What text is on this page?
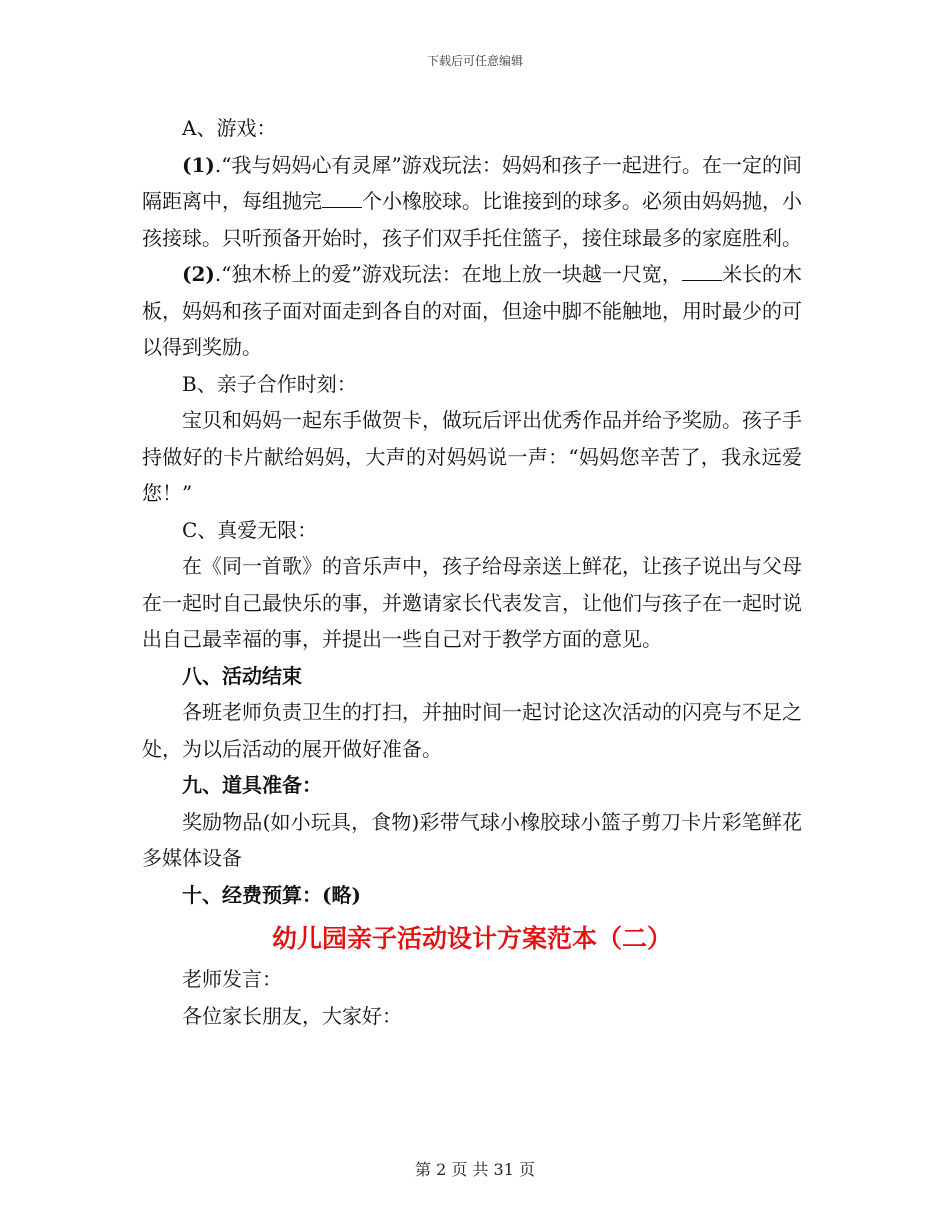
下载后可任意编辑

A、游戏：

(1).“我与妈妈心有灵犀”游戏玩法：妈妈和孩子一起进行。在一定的间隔距离中，每组抛完 个小橡胶球。比谁接到的球多。必须由妈妈抛，小孩接球。只听预备开始时，孩子们双手托住篮子，接住球最多的家庭胜利。

(2).“独木桥上的爱”游戏玩法：在地上放一块越一尺宽， 米长的木板，妈妈和孩子面对面走到各自的对面，但途中脚不能触地，用时最少的可以得到奖励。

B、亲子合作时刻：

宝贝和妈妈一起东手做贺卡，做玩后评出优秀作品并给予奖励。孩子手持做好的卡片献给妈妈，大声的对妈妈说一声：“妈妈您辛苦了，我永远爱您！”

C、真爱无限：

在《同一首歌》的音乐声中，孩子给母亲送上鲜花，让孩子说出与父母在一起时自己最快乐的事，并邀请家长代表发言，让他们与孩子在一起时说出自己最幸福的事，并提出一些自己对于教学方面的意见。

八、活动结束

各班老师负责卫生的打扫，并抽时间一起讨论这次活动的闪亮与不足之处，为以后活动的展开做好准备。

九、道具准备：

奖励物品(如小玩具，食物)彩带气球小橡胶球小篮子剪刀卡片彩笔鲜花多媒体设备

十、经费预算：(略)

幼儿园亲子活动设计方案范本（二）

老师发言：

各位家长朋友，大家好：

第 2 页 共 31 页
